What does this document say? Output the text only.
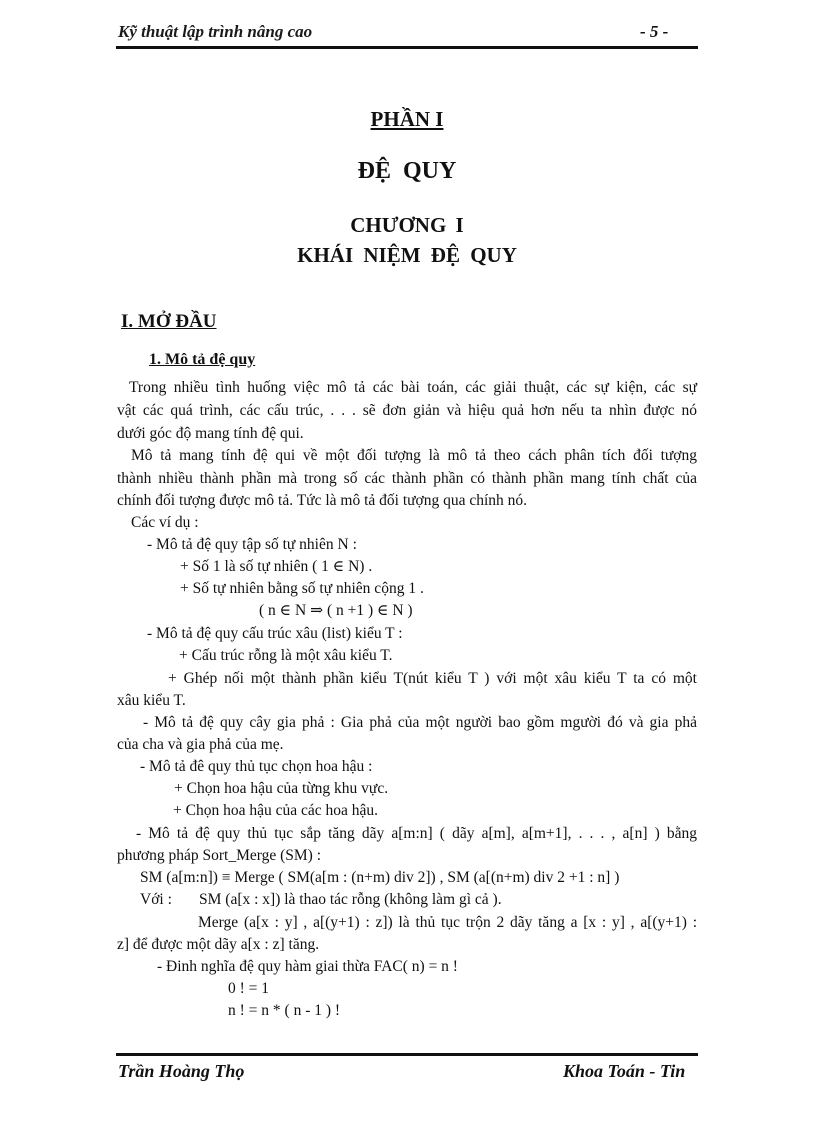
Kỹ thuật lập trình nâng cao	- 5 -
PHẦN I
ĐỆ QUY
CHƯƠNG I
KHÁI NIỆM ĐỆ QUY
I. MỞ ĐẦU
1. Mô tả đệ quy
Trong nhiều tình huống việc mô tả các bài toán, các giải thuật, các sự kiện, các sự
vật các quá trình, các cấu trúc, . . . sẽ đơn giản và hiệu quả hơn nếu ta nhìn được nó
dưới góc độ mang tính đệ qui.
Mô tả mang tính đệ qui về một đối tượng là mô tả theo cách phân tích đối tượng
thành nhiều thành phần mà trong số các thành phần có thành phần mang tính chất của
chính đối tượng được mô tả. Tức là mô tả đối tượng qua chính nó.
Các ví dụ :
- Mô tả đệ quy tập số tự nhiên N :
+ Số 1 là số tự nhiên ( 1 ∈ N) .
+ Số tự nhiên bằng số tự nhiên cộng 1 .
( n ∈ N ⇒ ( n +1 ) ∈ N )
- Mô tả đệ quy cấu trúc xâu (list) kiểu T :
+ Cấu trúc rỗng là một xâu kiểu T.
+ Ghép nối một thành phần kiểu T(nút kiểu T ) với một xâu kiểu T ta có một
xâu kiểu T.
- Mô tả đệ quy cây gia phả : Gia phả của một người bao gồm mgười đó và gia phả
của cha và gia phả của mẹ.
- Mô tả đê quy thủ tục chọn hoa hậu :
+ Chọn hoa hậu của từng khu vực.
+ Chọn hoa hậu của các hoa hậu.
- Mô tả đệ quy thủ tục sắp tăng dãy a[m:n] ( dãy a[m], a[m+1], . . . , a[n] ) bằng
phương pháp Sort_Merge (SM) :
SM (a[m:n]) ≡ Merge ( SM(a[m : (n+m) div 2]) , SM (a[(n+m) div 2 +1 : n] )
Với : SM (a[x : x]) là thao tác rỗng (không làm gì cả ).
Merge (a[x : y] , a[(y+1) : z]) là thủ tục trộn 2 dãy tăng a [x : y] , a[(y+1) :
z] để được một dãy a[x : z] tăng.
- Ðinh nghĩa đệ quy hàm giai thừa FAC( n) = n !
0 ! = 1
n ! = n * ( n - 1 ) !
Trần Hoàng Thọ	Khoa Toán - Tin
